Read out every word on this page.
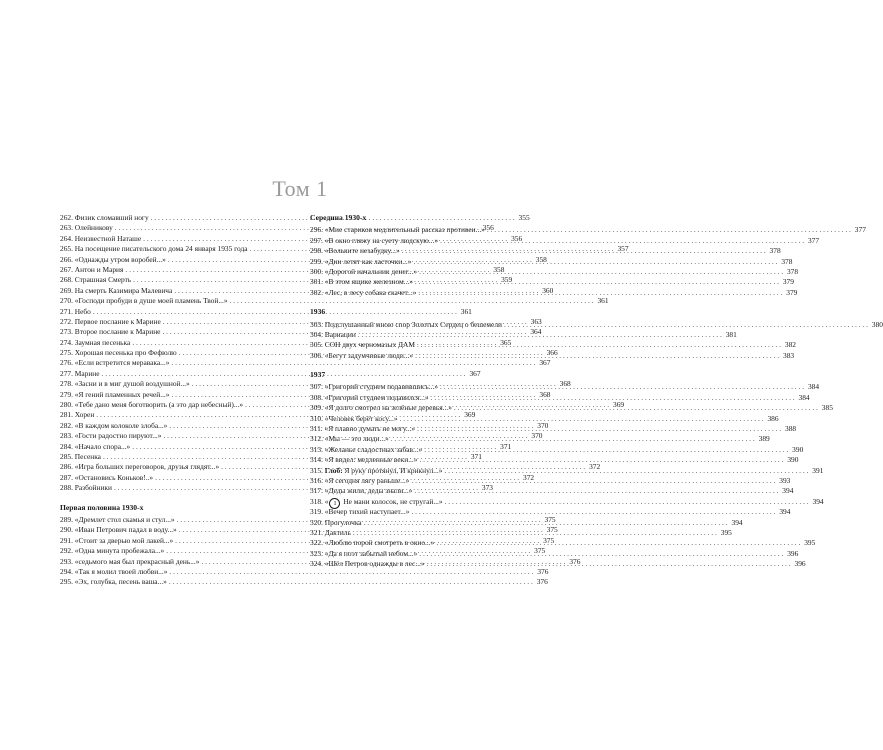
Том 1
262. Физик сломавший ногу . . .	355
263. Олейникову . . .	356
264. Неизвестной Наташе . . .	356
265. На посещение писательского дома 24 января 1935 года . . .	357
266. «Однажды утром воробей...» . . .	358
267. Антон и Мария . . .	358
268. Страшная Смерть . . .	359
269. На смерть Казимира Малевича . . .	360
270. «Господи пробуди в душе моей пламень Твой...» . . .	361
271. Небо . . .	361
272. Первое послание к Марине . . .	363
273. Второе послание к Марине . . .	364
274. Заумная песенька . . .	365
275. Хорошая песенька про Фефюлю . . .	366
276. «Если встретится меравака...» . . .	367
277. Марине . . .	367
278. «Засни и в миг душой воздушной...» . . .	368
279. «Я гений пламенных речей...» . . .	368
280. «Тебе дано меня боготворить (а это дар небесный)...» . . .	369
281. Хорен . . .	369
282. «В каждом колоколе злоба...» . . .	370
283. «Гости радостно пируют...» . . .	370
284. «Начало спора...» . . .	371
285. Песенка . . .	371
286. «Игра больших переговоров, друзья глядят...» . . .	372
287. «Остановись Коньков!..» . . .	372
288. Разбойники . . .	373
Первая половина 1930-х
289. «Дремлет стол скамья и стул...» . . .	375
290. «Иван Петрович падал в воду...» . . .	375
291. «Стоит за дверью мой лакей...» . . .	375
292. «Одна минута пробежала...» . . .	375
293. «седьмого мая был прекрасный день...» . . .	376
294. «Так я молил твоей любви...» . . .	376
295. «Эх, голубка, песень ваша...» . . .	376
Середина 1930-х
296. «Мне стариков медлительный рассказ противен...» . . .	377
297. «В окно гляжу на суету людскую...» . . .	377
298. «Вольките незабудку...» . . .	378
299. «Дни летят как ласточки...» . . .	378
300. «Дорогой начальник денег...» . . .	378
301. «В этом ящике железном...» . . .	379
302. «Лес, в лесу собака скачет...» . . .	379
1936
303. Подслушанный мною спор Золотых Сердец о бешемели . . .	380
304. Вариации . . .	381
305. СОН двух черномазых ДАМ . . .	382
306. «Бегут задумчивые люди...» . . .	383
1937
307. «Григорий студнем подавившись...» . . .	384
308. «Григорий студнем подавился...» . . .	384
309. «Я долго смотрел на зелёные деревья...» . . .	385
310. «Человек берёт косу...» . . .	386
311. «Я плавно думать не могу...» . . .	388
312. «Мы — это люди...» . . .	389
313. «Желанье сладостных забав...» . . .	390
314. «Я видел: медленные веки...» . . .	390
315. Глоб: Я руку протянул, И крикнул...» . . .	391
316. «Я сегодня лягу раньше...» . . .	393
317. «Деды жили, деды знали...» . . .	394
318. « 1 Не мани колосок, не стругай...» . . .	394
319. «Вечер тихий наступает...» . . .	394
320. Прогулочка . . .	394
321. Дактиль . . .	395
322. «Люблю порой смотреть в окно...» . . .	395
323. «Да я поэт забытый небом...» . . .	396
324. «Шёл Петров однажды в лес...» . . .	396
